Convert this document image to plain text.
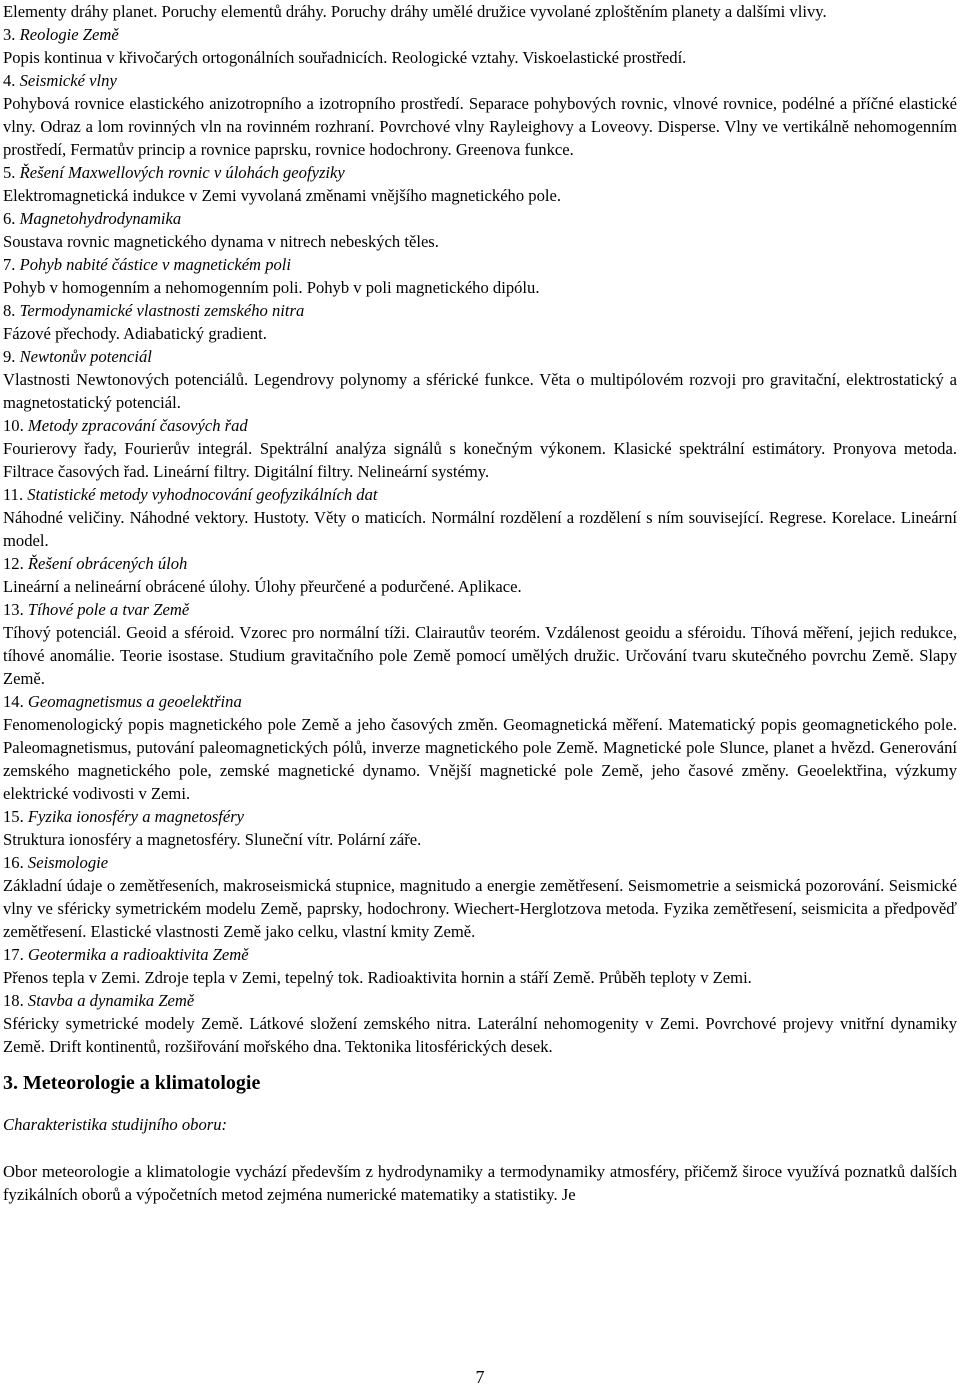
Elementy dráhy planet. Poruchy elementů dráhy. Poruchy dráhy umělé družice vyvolané zploštěním planety a dalšími vlivy.

3. Reologie Země

Popis kontinua v křivočarých ortogonálních souřadnicích. Reologické vztahy. Viskoelastické prostředí.

4. Seismické vlny

Pohybová rovnice elastického anizotropního a izotropního prostředí. Separace pohybových rovnic, vlnové rovnice, podélné a příčné elastické vlny. Odraz a lom rovinných vln na rovinném rozhraní. Povrchové vlny Rayleighovy a Loveovy. Disperse. Vlny ve vertikálně nehomogenním prostředí, Fermatův princip a rovnice paprsku, rovnice hodochrony. Greenova funkce.

5. Řešení Maxwellových rovnic v úlohách geofyziky

Elektromagnetická indukce v Zemi vyvolaná změnami vnějšího magnetického pole.

6. Magnetohydrodynamika

Soustava rovnic magnetického dynama v nitrech nebeských těles.

7. Pohyb nabité částice v magnetickém poli

Pohyb v homogenním a nehomogenním poli. Pohyb v poli magnetického dipólu.

8. Termodynamické vlastnosti zemského nitra

Fázové přechody. Adiabatický gradient.

9. Newtonův potenciál

Vlastnosti Newtonových potenciálů. Legendrovy polynomy a sférické funkce. Věta o multipólovém rozvoji pro gravitační, elektrostatický a magnetostatický potenciál.

10. Metody zpracování časových řad

Fourierovy řady, Fourierův integrál. Spektrální analýza signálů s konečným výkonem. Klasické spektrální estimátory. Pronyova metoda. Filtrace časových řad. Lineární filtry. Digitální filtry. Nelineární systémy.

11. Statistické metody vyhodnocování geofyzikálních dat

Náhodné veličiny. Náhodné vektory. Hustoty. Věty o maticích. Normální rozdělení a rozdělení s ním související. Regrese. Korelace. Lineární model.

12. Řešení obrácených úloh

Lineární a nelineární obrácené úlohy. Úlohy přeurčené a podurčené. Aplikace.

13. Tíhové pole a tvar Země

Tíhový potenciál. Geoid a sféroid. Vzorec pro normální tíži. Clairautův teorém. Vzdálenost geoidu a sféroidu. Tíhová měření, jejich redukce, tíhové anomálie. Teorie isostase. Studium gravitačního pole Země pomocí umělých družic. Určování tvaru skutečného povrchu Země. Slapy Země.

14. Geomagnetismus a geoelektřina

Fenomenologický popis magnetického pole Země a jeho časových změn. Geomagnetická měření. Matematický popis geomagnetického pole. Paleomagnetismus, putování paleomagnetických pólů, inverze magnetického pole Země. Magnetické pole Slunce, planet a hvězd. Generování zemského magnetického pole, zemské magnetické dynamo. Vnější magnetické pole Země, jeho časové změny. Geoelektřina, výzkumy elektrické vodivosti v Zemi.

15. Fyzika ionosféry a magnetosféry

Struktura ionosféry a magnetosféry. Sluneční vítr. Polární záře.

16. Seismologie

Základní údaje o zemětřeseních, makroseismická stupnice, magnitudo a energie zemětřesení. Seismometrie a seismická pozorování. Seismické vlny ve sféricky symetrickém modelu Země, paprsky, hodochrony. Wiechert-Herglotzova metoda. Fyzika zemětřesení, seismicita a předpověď zemětřesení. Elastické vlastnosti Země jako celku, vlastní kmity Země.

17. Geotermika a radioaktivita Země

Přenos tepla v Zemi. Zdroje tepla v Zemi, tepelný tok. Radioaktivita hornin a stáří Země. Průběh teploty v Zemi.

18. Stavba a dynamika Země

Sféricky symetrické modely Země. Látkové složení zemského nitra. Laterální nehomogenity v Zemi. Povrchové projevy vnitřní dynamiky Země. Drift kontinentů, rozšiřování mořského dna. Tektonika litosférických desek.

3. Meteorologie a klimatologie

Charakteristika studijního oboru:

Obor meteorologie a klimatologie vychází především z hydrodynamiky a termodynamiky atmosféry, přičemž široce využívá poznatků dalších fyzikálních oborů a výpočetních metod zejména numerické matematiky a statistiky. Je

7
